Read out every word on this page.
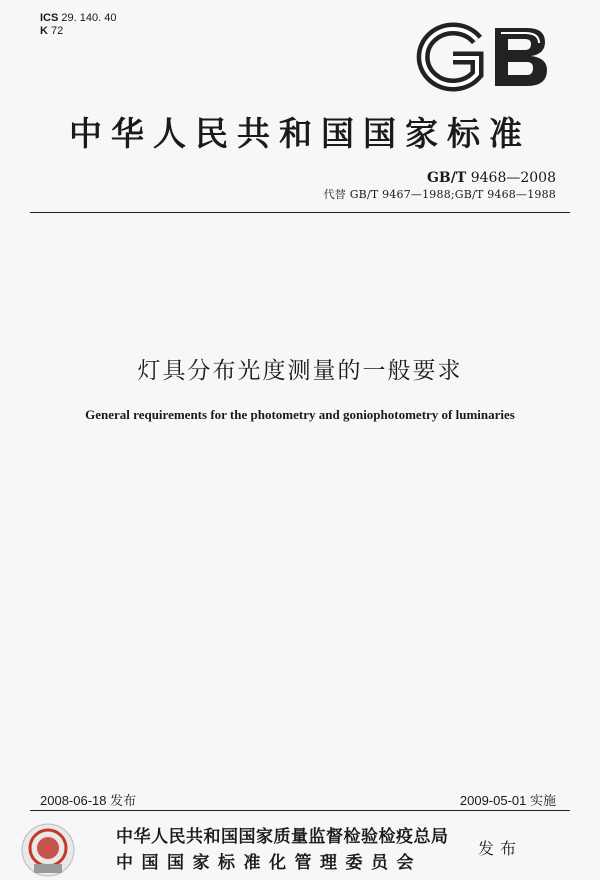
ICS 29. 140. 40
K 72
中华人民共和国国家标准
GB/T 9468—2008
代替 GB/T 9467—1988;GB/T 9468—1988
灯具分布光度测量的一般要求
General requirements for the photometry and goniophotometry of luminaries
2008-06-18 发布	2009-05-01 实施
中华人民共和国国家质量监督检验检疫总局
中国国家标准化管理委员会
发布
